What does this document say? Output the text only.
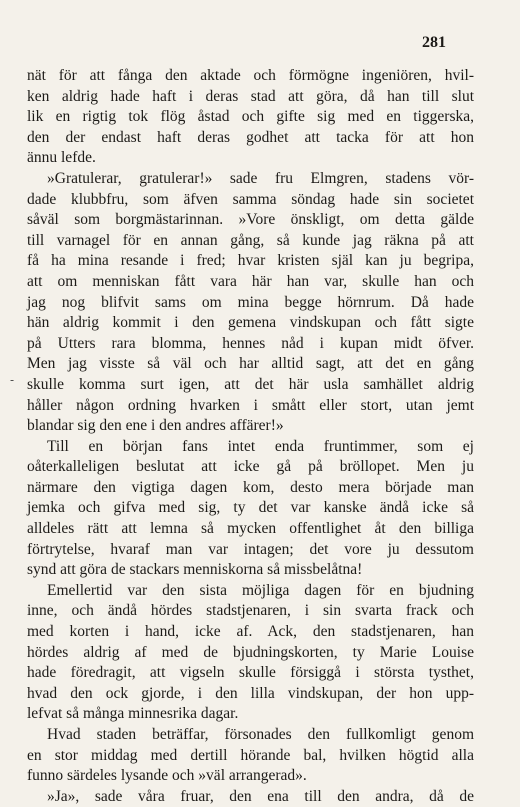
281
-
nät för att fånga den aktade och förmögne ingeniören, hvil-
ken aldrig hade haft i deras stad att göra, då han till slut
lik en rigtig tok flög åstad och gifte sig med en tiggerska,
den der endast haft deras godhet att tacka för att hon
ännu lefde.
»Gratulerar, gratulerar!» sade fru Elmgren, stadens vör-
dade klubbfru, som äfven samma söndag hade sin societet
såväl som borgmästarinnan. »Vore önskligt, om detta gälde
till varnagel för en annan gång, så kunde jag räkna på att
få ha mina resande i fred; hvar kristen själ kan ju begripa,
att om menniskan fått vara här han var, skulle han och
jag nog blifvit sams om mina begge hörnrum. Då hade
hän aldrig kommit i den gemena vindskupan och fått sigte
på Utters rara blomma, hennes nåd i kupan midt öfver.
Men jag visste så väl och har alltid sagt, att det en gång
skulle komma surt igen, att det här usla samhället aldrig
håller någon ordning hvarken i smått eller stort, utan jemt
blandar sig den ene i den andres affärer!»
Till en början fans intet enda fruntimmer, som ej
oåterkalleligen beslutat att icke gå på bröllopet. Men ju
närmare den vigtiga dagen kom, desto mera började man
jemka och gifva med sig, ty det var kanske ändå icke så
alldeles rätt att lemna så mycken offentlighet åt den billiga
förtrytelse, hvaraf man var intagen; det vore ju dessutom
synd att göra de stackars menniskorna så missbelåtna!
Emellertid var den sista möjliga dagen för en bjudning
inne, och ändå hördes stadstjenaren, i sin svarta frack och
med korten i hand, icke af. Ack, den stadstjenaren, han
hördes aldrig af med de bjudningskorten, ty Marie Louise
hade föredragit, att vigseln skulle försiggå i största tysthet,
hvad den ock gjorde, i den lilla vindskupan, der hon upp-
lefvat så många minnesrika dagar.
Hvad staden beträffar, försonades den fullkomligt genom
en stor middag med dertill hörande bal, hvilken högtid alla
funno särdeles lysande och »väl arrangerad».
»Ja», sade våra fruar, den ena till den andra, då de
